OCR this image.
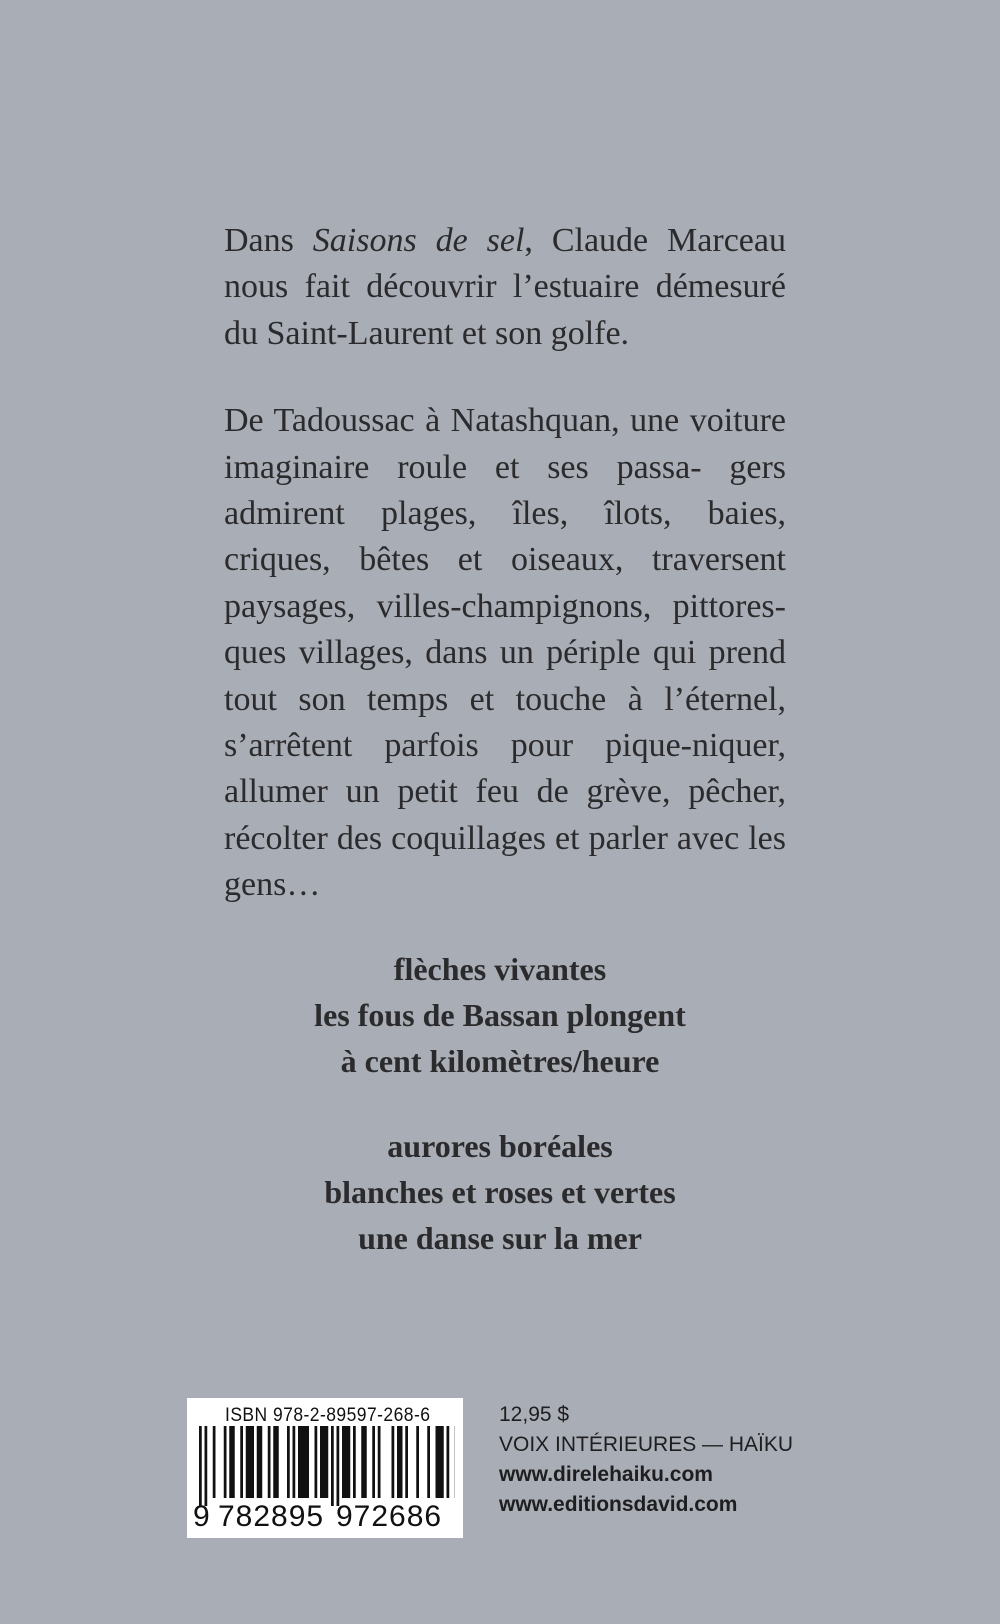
Dans Saisons de sel, Claude Marceau nous fait découvrir l’estuaire démesuré du Saint-Laurent et son golfe.

De Tadoussac à Natashquan, une voiture imaginaire roule et ses passa- gers admirent plages, îles, îlots, baies, criques, bêtes et oiseaux, traversent paysages, villes-champignons, pittores- ques villages, dans un périple qui prend tout son temps et touche à l’éternel, s’arrêtent parfois pour pique-niquer, allumer un petit feu de grève, pêcher, récolter des coquillages et parler avec les gens…

flèches vivantes
les fous de Bassan plongent
à cent kilomètres/heure

aurores boréales
blanches et roses et vertes
une danse sur la mer

ISBN 978-2-89597-268-6
9 782895 972686
12,95 $
VOIX INTÉRIEURES — HAÏKU
www.direlehaiku.com
www.editionsdavid.com
